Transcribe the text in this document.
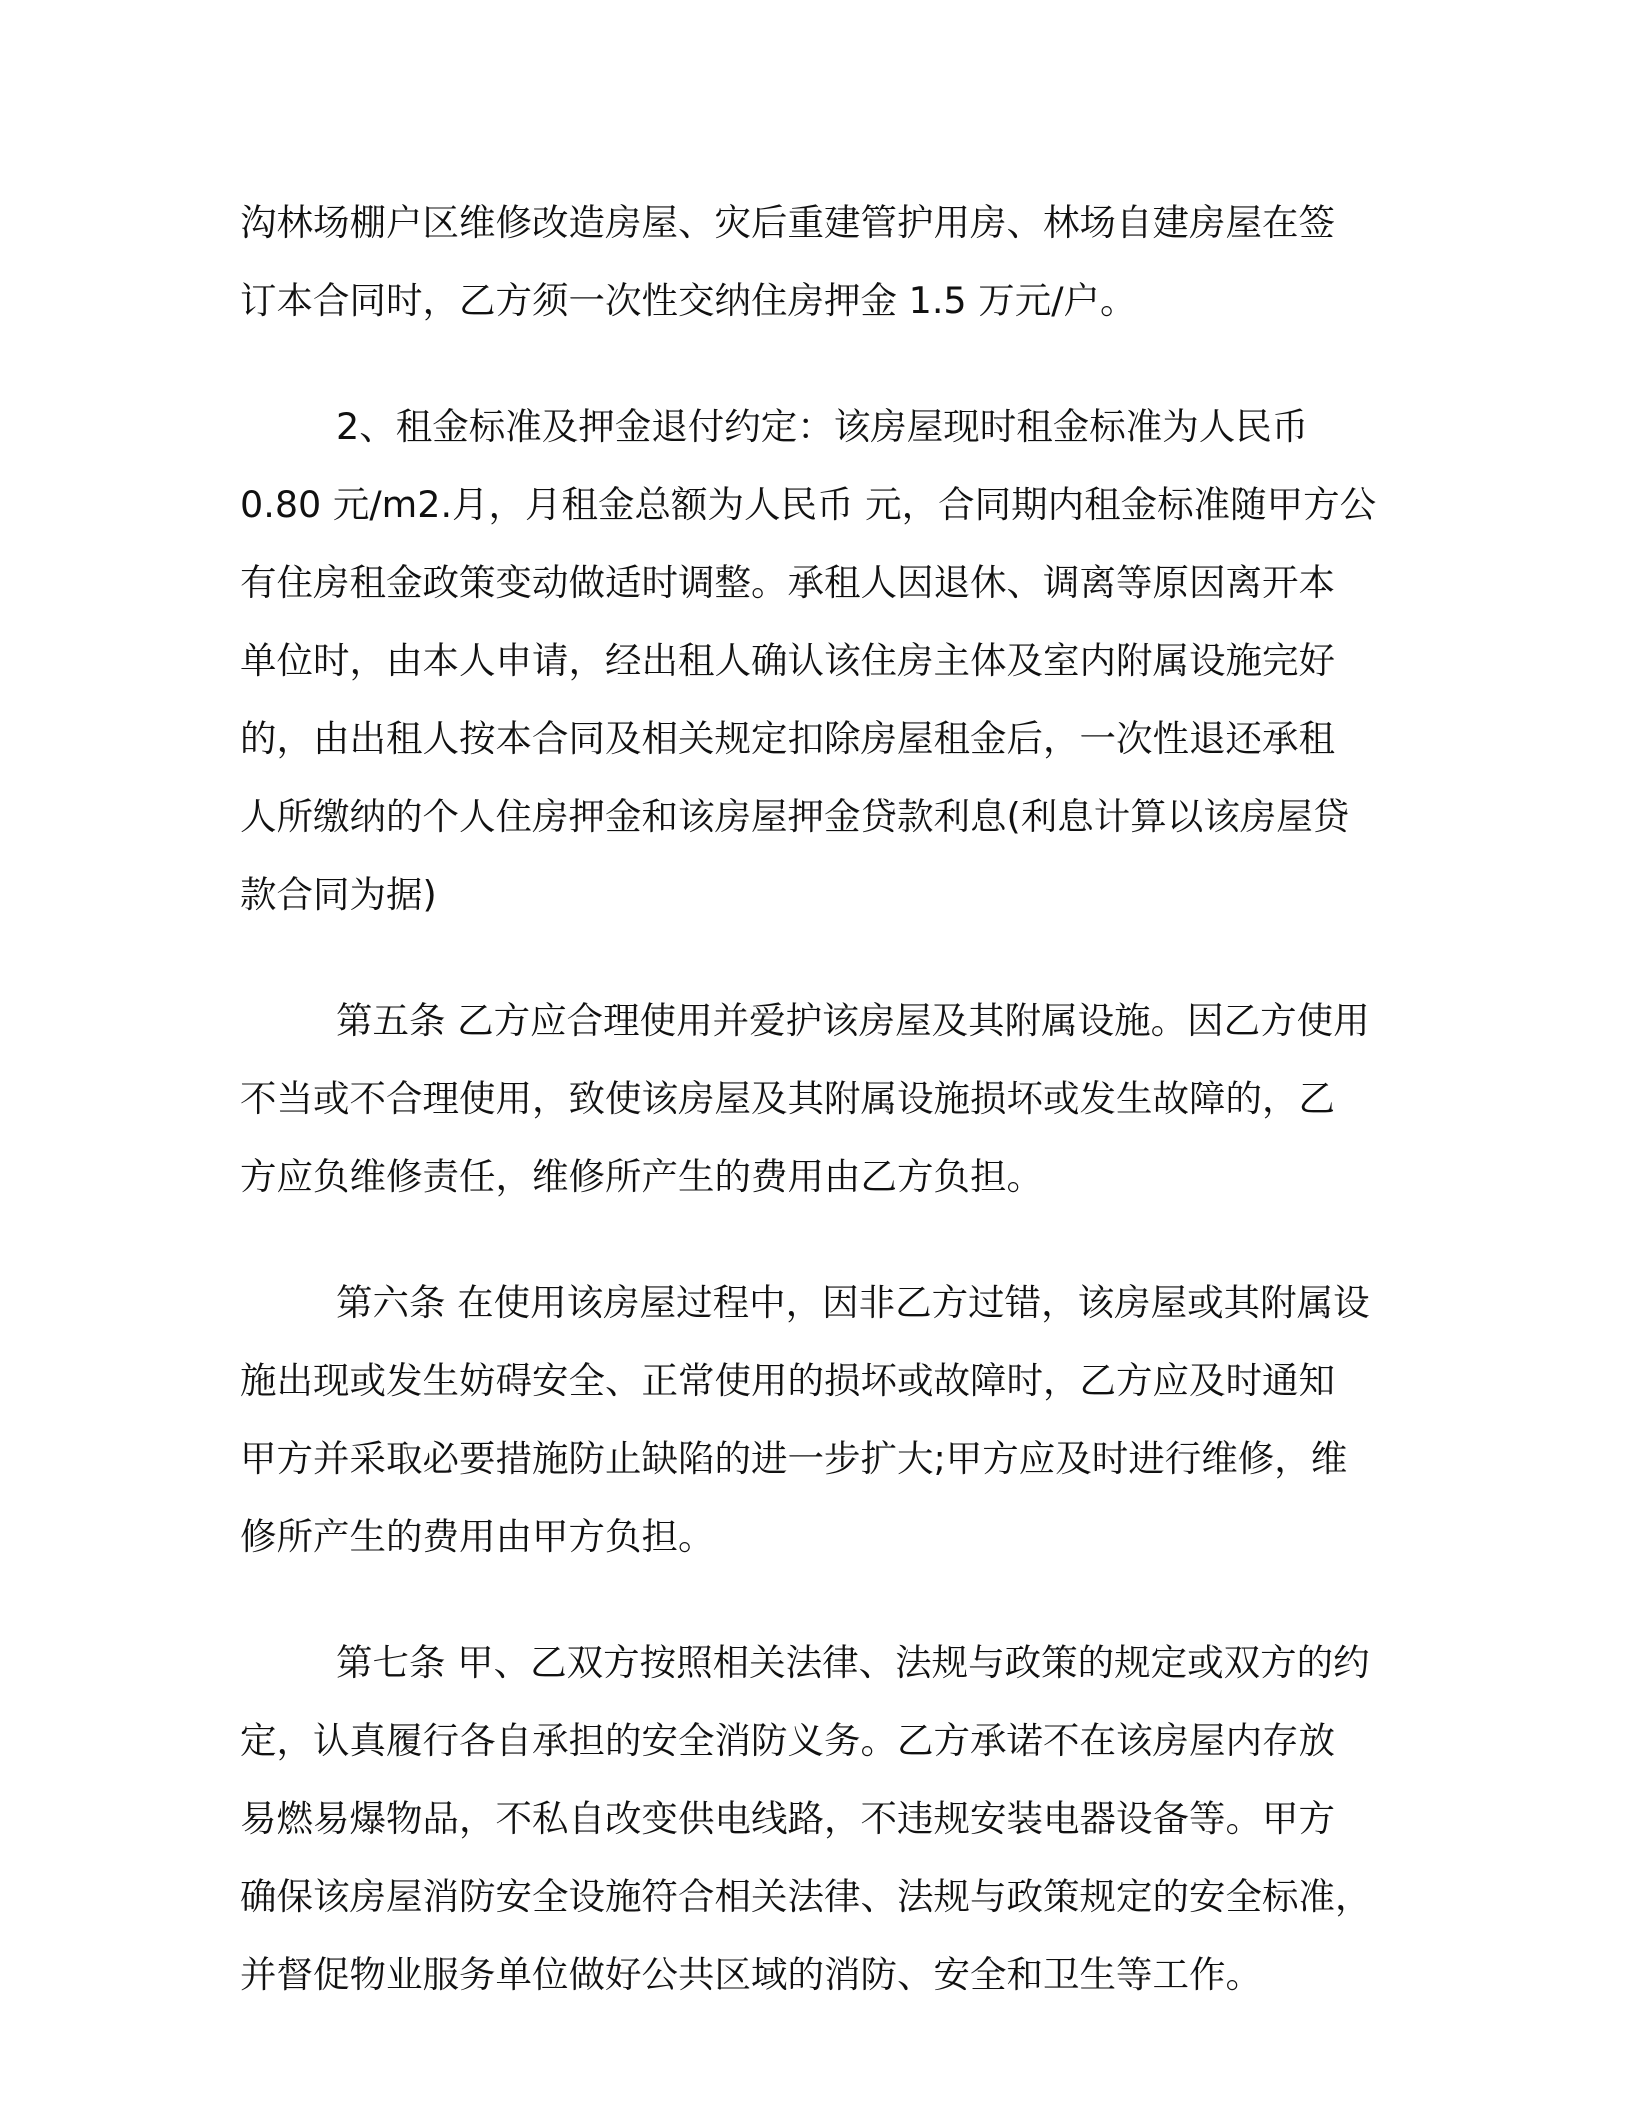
沟林场棚户区维修改造房屋、灾后重建管护用房、林场自建房屋在签
订本合同时，乙方须一次性交纳住房押金 1.5 万元/户。
2、租金标准及押金退付约定：该房屋现时租金标准为人民币
0.80 元/m2.月，月租金总额为人民币 元，合同期内租金标准随甲方公
有住房租金政策变动做适时调整。承租人因退休、调离等原因离开本
单位时，由本人申请，经出租人确认该住房主体及室内附属设施完好
的，由出租人按本合同及相关规定扣除房屋租金后，一次性退还承租
人所缴纳的个人住房押金和该房屋押金贷款利息(利息计算以该房屋贷
款合同为据)
第五条 乙方应合理使用并爱护该房屋及其附属设施。因乙方使用
不当或不合理使用，致使该房屋及其附属设施损坏或发生故障的，乙
方应负维修责任，维修所产生的费用由乙方负担。
第六条 在使用该房屋过程中，因非乙方过错，该房屋或其附属设
施出现或发生妨碍安全、正常使用的损坏或故障时，乙方应及时通知
甲方并采取必要措施防止缺陷的进一步扩大;甲方应及时进行维修，维
修所产生的费用由甲方负担。
第七条 甲、乙双方按照相关法律、法规与政策的规定或双方的约
定，认真履行各自承担的安全消防义务。乙方承诺不在该房屋内存放
易燃易爆物品，不私自改变供电线路，不违规安装电器设备等。甲方
确保该房屋消防安全设施符合相关法律、法规与政策规定的安全标准，
并督促物业服务单位做好公共区域的消防、安全和卫生等工作。
